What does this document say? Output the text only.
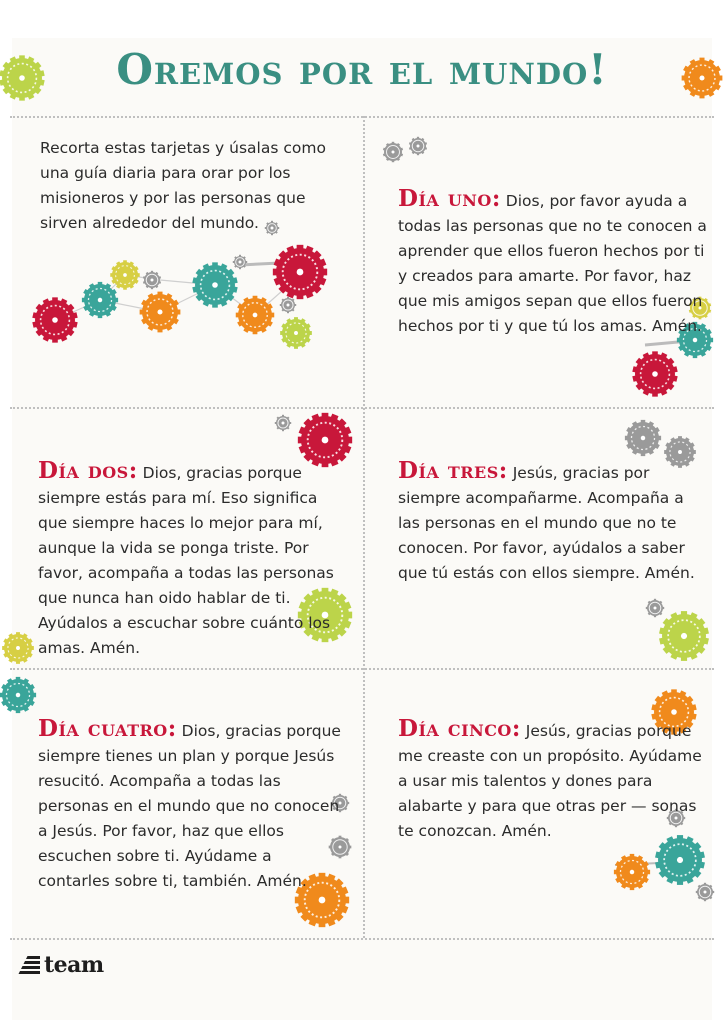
Oremos por el mundo!

Recorta estas tarjetas y úsalas como una guía diaria para orar por los misioneros y por las personas que sirven alrededor del mundo.

Día uno: Dios, por favor ayuda a todas las personas que no te conocen a aprender que ellos fueron hechos por ti y creados para amarte. Por favor, haz que mis amigos sepan que ellos fueron hechos por ti y que tú los amas. Amén.

Día dos: Dios, gracias porque siempre estás para mí. Eso significa que siempre haces lo mejor para mí, aunque la vida se ponga triste. Por favor, acompaña a todas las personas que nunca han oido hablar de ti. Ayúdalos a escuchar sobre cuánto los amas. Amén.

Día tres: Jesús, gracias por siempre acompañarme. Acompaña a las personas en el mundo que no te conocen. Por favor, ayúdalos a saber que tú estás con ellos siempre. Amén.

Día cuatro: Dios, gracias porque siempre tienes un plan y porque Jesús resucitó. Acompaña a todas las personas en el mundo que no conocen a Jesús. Por favor, haz que ellos escuchen sobre ti. Ayúdame a contarles sobre ti, también. Amén.

Día cinco: Jesús, gracias porque me creaste con un propósito. Ayúdame a usar mis talentos y dones para alabarte y para que otras per — sonas te conozcan. Amén.

team
